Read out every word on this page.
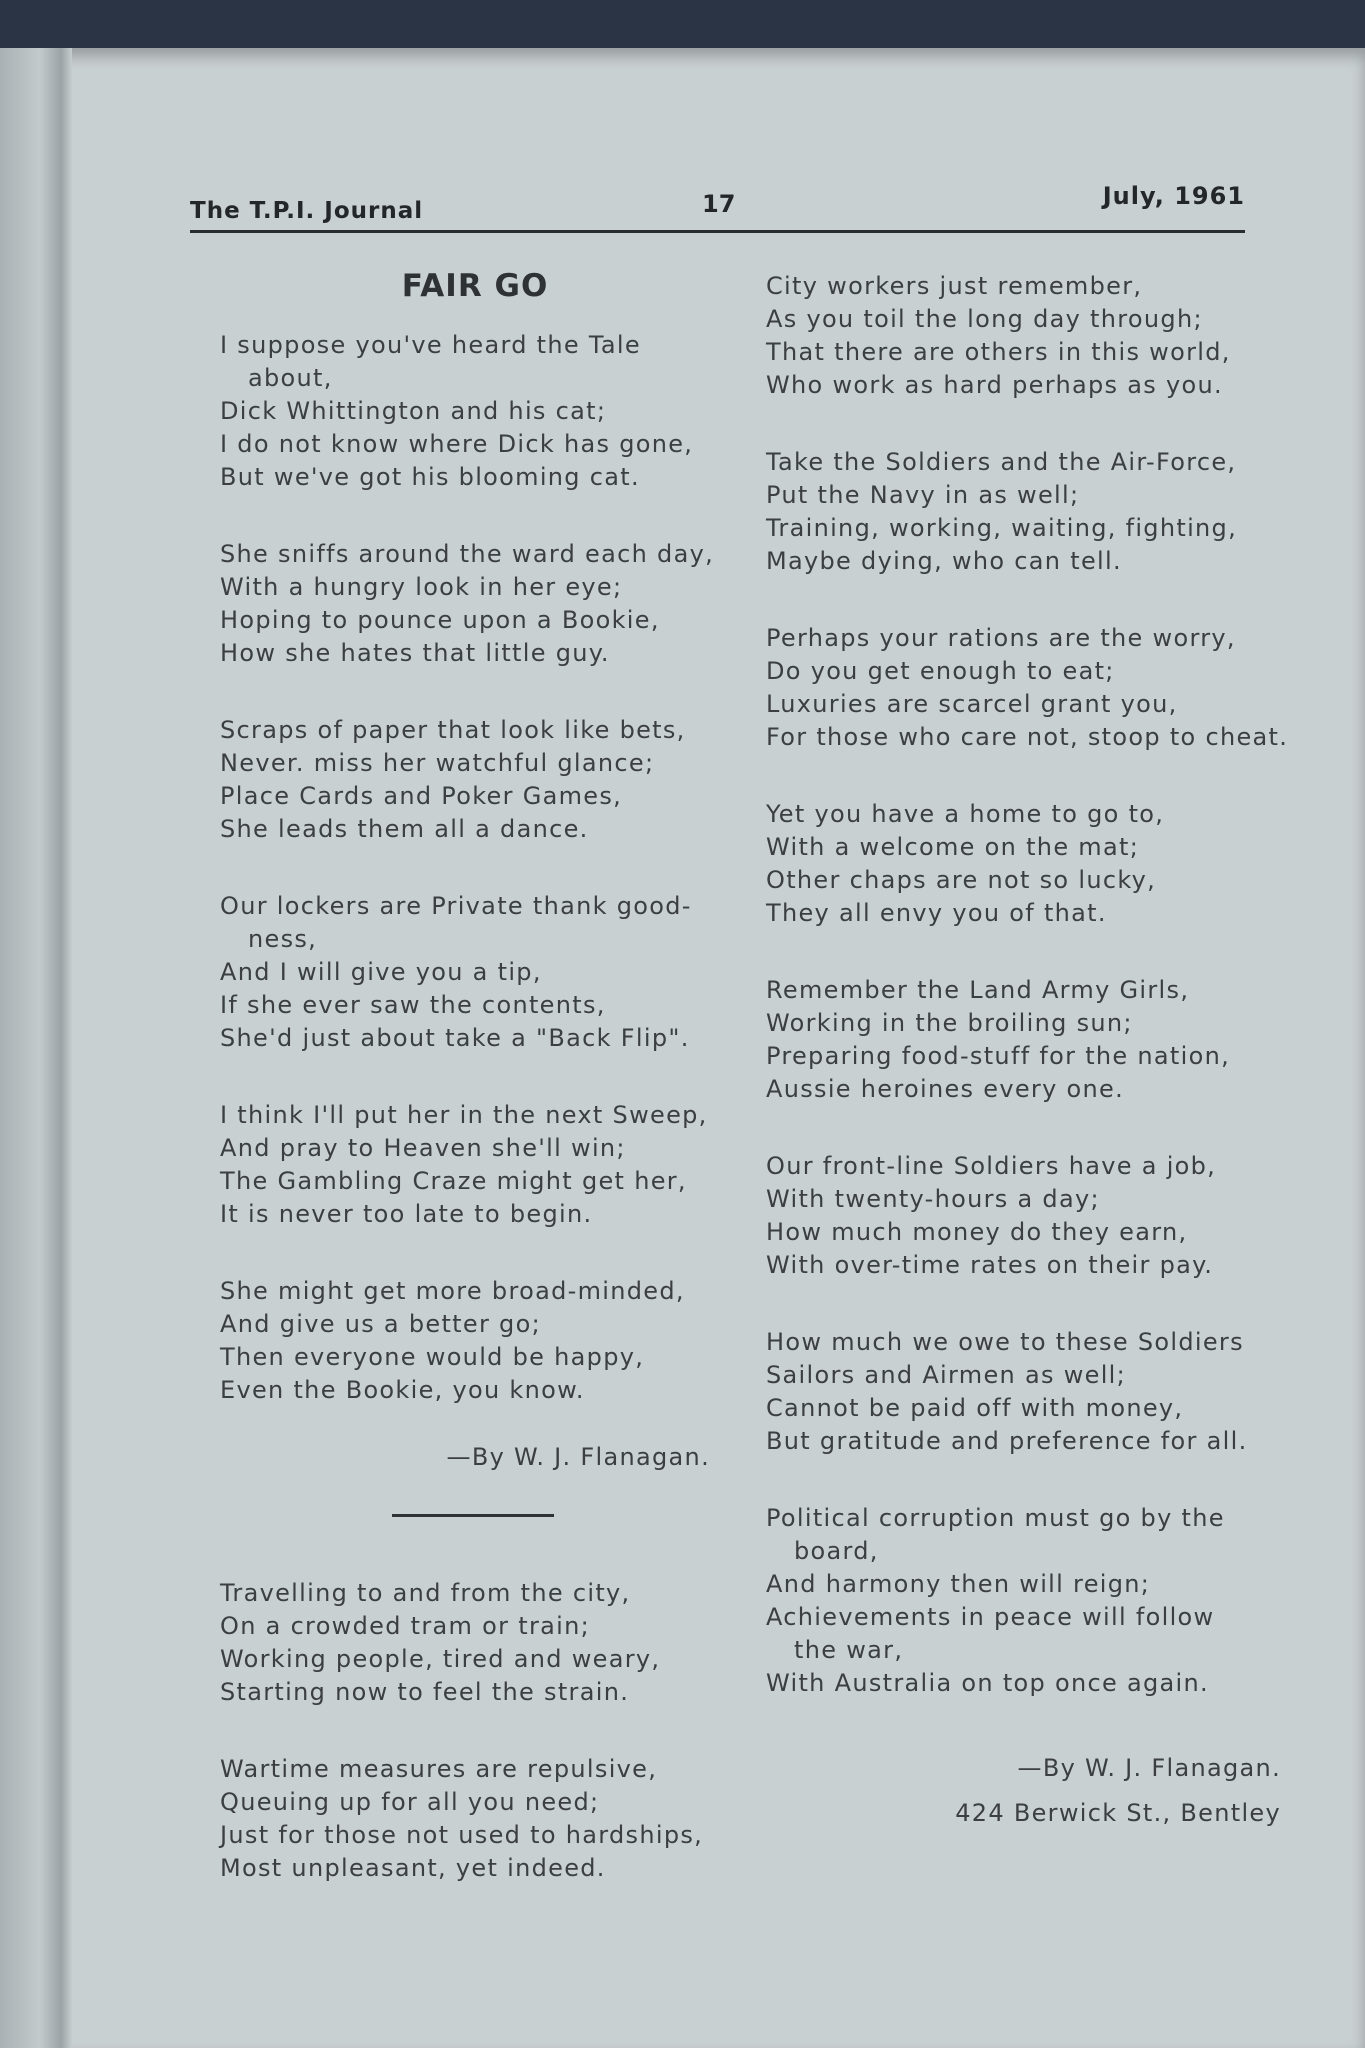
The T.P.I. Journal	17	July, 1961
FAIR GO
I suppose you've heard the Tale
about,
Dick Whittington and his cat;
I do not know where Dick has gone,
But we've got his blooming cat.
She sniffs around the ward each day,
With a hungry look in her eye;
Hoping to pounce upon a Bookie,
How she hates that little guy.
Scraps of paper that look like bets,
Never. miss her watchful glance;
Place Cards and Poker Games,
She leads them all a dance.
Our lockers are Private thank good-
ness,
And I will give you a tip,
If she ever saw the contents,
She'd just about take a "Back Flip".
I think I'll put her in the next Sweep,
And pray to Heaven she'll win;
The Gambling Craze might get her,
It is never too late to begin.
She might get more broad-minded,
And give us a better go;
Then everyone would be happy,
Even the Bookie, you know.
—By W. J. Flanagan.
Travelling to and from the city,
On a crowded tram or train;
Working people, tired and weary,
Starting now to feel the strain.
Wartime measures are repulsive,
Queuing up for all you need;
Just for those not used to hardships,
Most unpleasant, yet indeed.
City workers just remember,
As you toil the long day through;
That there are others in this world,
Who work as hard perhaps as you.
Take the Soldiers and the Air-Force,
Put the Navy in as well;
Training, working, waiting, fighting,
Maybe dying, who can tell.
Perhaps your rations are the worry,
Do you get enough to eat;
Luxuries are scarcel grant you,
For those who care not, stoop to cheat.
Yet you have a home to go to,
With a welcome on the mat;
Other chaps are not so lucky,
They all envy you of that.
Remember the Land Army Girls,
Working in the broiling sun;
Preparing food-stuff for the nation,
Aussie heroines every one.
Our front-line Soldiers have a job,
With twenty-hours a day;
How much money do they earn,
With over-time rates on their pay.
How much we owe to these Soldiers
Sailors and Airmen as well;
Cannot be paid off with money,
But gratitude and preference for all.
Political corruption must go by the
board,
And harmony then will reign;
Achievements in peace will follow
the war,
With Australia on top once again.
—By W. J. Flanagan.
424 Berwick St., Bentley
